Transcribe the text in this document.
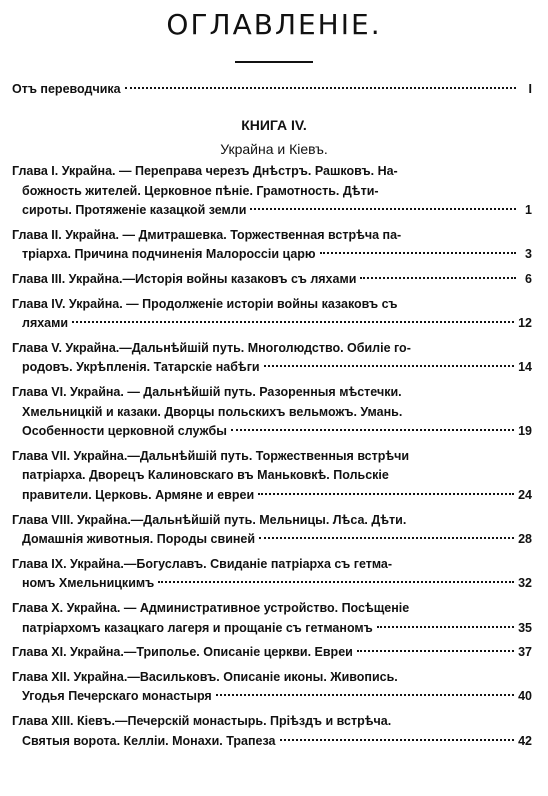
ОГЛАВЛЕНІЕ.
Отъ переводчика	I
КНИГА IV.
Украйна и Кіевъ.
Глава I. Украйна. — Переправа черезъ Днѣстръ. Рашковъ. На-
божность жителей. Церковное пѣніе. Грамотность. Дѣти-
сироты. Протяженіе казацкой земли	1
Глава II. Украйна. — Дмитрашевка. Торжественная встрѣча па-
тріарха. Причина подчиненія Малороссіи царю	3
Глава III. Украйна.—Исторія войны казаковъ съ ляхами	6
Глава IV. Украйна. — Продолженіе исторіи войны казаковъ съ
ляхами	12
Глава V. Украйна.—Дальнѣйшій путь. Многолюдство. Обиліе го-
родовъ. Укрѣпленія. Татарскіе набѣги	14
Глава VI. Украйна. — Дальнѣйшій путь. Разоренныя мѣстечки.
Хмельницкій и казаки. Дворцы польскихъ вельможъ. Умань.
Особенности церковной службы	19
Глава VII. Украйна.—Дальнѣйшій путь. Торжественныя встрѣчи
патріарха. Дворецъ Калиновскаго въ Маньковкѣ. Польскіе
правители. Церковь. Армяне и евреи	24
Глава VIII. Украйна.—Дальнѣйшій путь. Мельницы. Лѣса. Дѣти.
Домашнія животныя. Породы свиней	28
Глава IX. Украйна.—Богуславъ. Свиданіе патріарха съ гетма-
номъ Хмельницкимъ	32
Глава X. Украйна. — Административное устройство. Посѣщеніе
патріархомъ казацкаго лагеря и прощаніе съ гетманомъ	35
Глава XI. Украйна.—Триполье. Описаніе церкви. Евреи	37
Глава XII. Украйна.—Васильковъ. Описаніе иконы. Живопись.
Угодья Печерскаго монастыря	40
Глава XIII. Кіевъ.—Печерскій монастырь. Пріѣздъ и встрѣча.
Святыя ворота. Келліи. Монахи. Трапеза	42
